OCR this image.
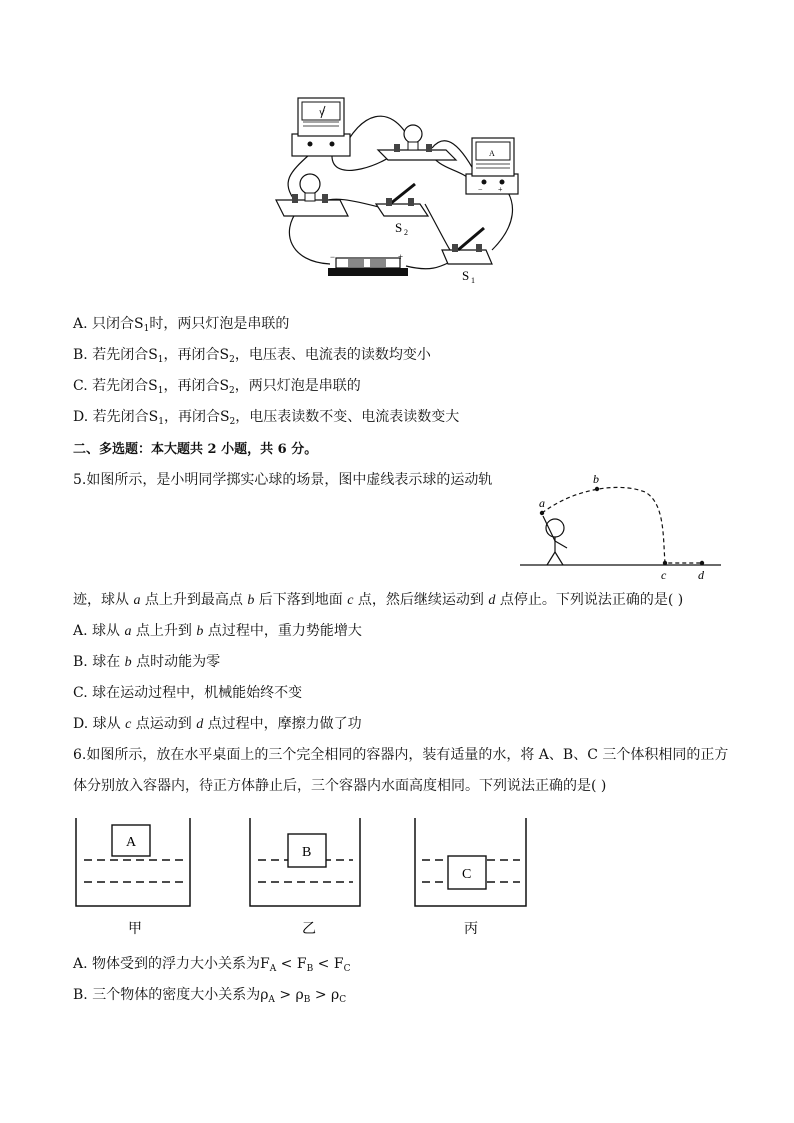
V
A
− +
S 2
−	+
S 1
A. 只闭合$S_1$时，两只灯泡是串联的
B. 若先闭合$S_1$，再闭合$S_2$，电压表、电流表的读数均变小
C. 若先闭合$S_1$，再闭合$S_2$，两只灯泡是串联的
D. 若先闭合$S_1$，再闭合$S_2$，电压表读数不变、电流表读数变大
二、多选题：本大题共 2 小题，共 6 分。
5.如图所示，是小明同学掷实心球的场景，图中虚线表示球的运动轨
a
b
c	d
迹，球从 a 点上升到最高点 b 后下落到地面 c 点，然后继续运动到 d 点停止。下列说法正确的是( )
A. 球从 a 点上升到 b 点过程中，重力势能增大
B. 球在 b 点时动能为零
C. 球在运动过程中，机械能始终不变
D. 球从 c 点运动到 d 点过程中，摩擦力做了功
6.如图所示，放在水平桌面上的三个完全相同的容器内，装有适量的水，将 A、B、C 三个体积相同的正方
体分别放入容器内，待正方体静止后，三个容器内水面高度相同。下列说法正确的是( )
A
甲
B
乙
C
丙
A. 物体受到的浮力大小关系为$F_A < F_B < F_C$
B. 三个物体的密度大小关系为$\rho_A > \rho_B > \rho_C$
